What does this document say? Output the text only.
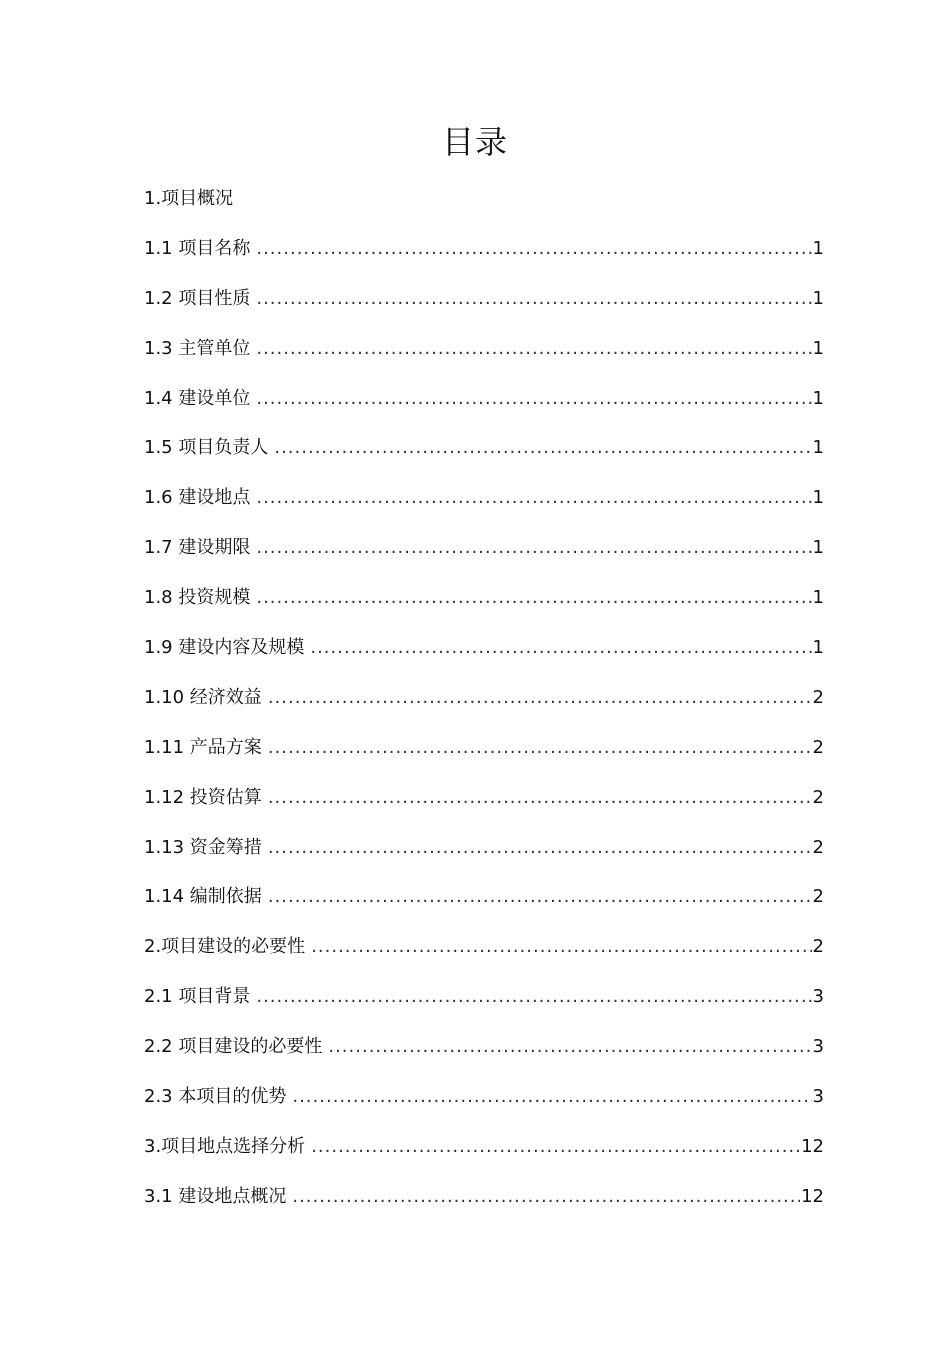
目录
1.项目概况
1.1 项目名称 .....	1
1.2 项目性质 .....	1
1.3 主管单位 .....	1
1.4 建设单位 .....	1
1.5 项目负责人 .....	1
1.6 建设地点 .....	1
1.7 建设期限 .....	1
1.8 投资规模 .....	1
1.9 建设内容及规模 .....	1
1.10 经济效益 .....	2
1.11 产品方案 .....	2
1.12 投资估算 .....	2
1.13 资金筹措 .....	2
1.14 编制依据 .....	2
2.项目建设的必要性 .....	2
2.1 项目背景 .....	3
2.2 项目建设的必要性 .....	3
2.3 本项目的优势 .....	3
3.项目地点选择分析 .....	12
3.1 建设地点概况 .....	12
